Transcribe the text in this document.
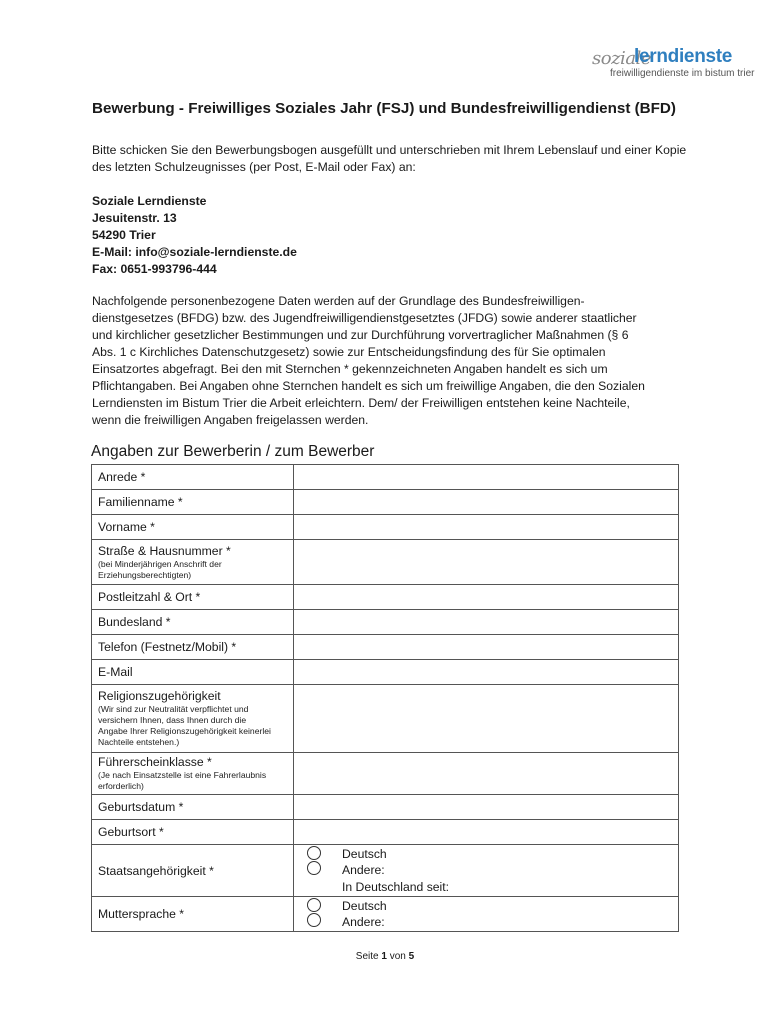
soziale
lerndienste
freiwilligendienste im bistum trier
Bewerbung - Freiwilliges Soziales Jahr (FSJ) und Bundesfreiwilligendienst (BFD)
Bitte schicken Sie den Bewerbungsbogen ausgefüllt und unterschrieben mit Ihrem Lebenslauf und einer Kopie des letzten Schulzeugnisses (per Post, E-Mail oder Fax) an:
Soziale Lerndienste
Jesuitenstr. 13
54290 Trier
E-Mail: info@soziale-lerndienste.de
Fax: 0651-993796-444
Nachfolgende personenbezogene Daten werden auf der Grundlage des Bundesfreiwilligen-
dienstgesetzes (BFDG) bzw. des Jugendfreiwilligendienstgesetztes (JFDG) sowie anderer staatlicher
und kirchlicher gesetzlicher Bestimmungen und zur Durchführung vorvertraglicher Maßnahmen (§ 6
Abs. 1 c Kirchliches Datenschutzgesetz) sowie zur Entscheidungsfindung des für Sie optimalen
Einsatzortes abgefragt. Bei den mit Sternchen * gekennzeichneten Angaben handelt es sich um
Pflichtangaben. Bei Angaben ohne Sternchen handelt es sich um freiwillige Angaben, die den Sozialen
Lerndiensten im Bistum Trier die Arbeit erleichtern. Dem/ der Freiwilligen entstehen keine Nachteile,
wenn die freiwilligen Angaben freigelassen werden.
Angaben zur Bewerberin / zum Bewerber
Anrede *	
Familienname *	
Vorname *	

Straße & Hausnummer *
(bei Minderjährigen Anschrift der Erziehungsberechtigten)	

Postleitzahl & Ort *	
Bundesland *	
Telefon (Festnetz/Mobil) *	
E-Mail	

Religionszugehörigkeit
(Wir sind zur Neutralität verpflichtet und versichern Ihnen, dass Ihnen durch die Angabe Ihrer Religionszugehörigkeit keinerlei Nachteile entstehen.)	

Führerscheinklasse *
(Je nach Einsatzstelle ist eine Fahrerlaubnis erforderlich)	

Geburtsdatum *	
Geburtsort *	
Staatsangehörigkeit *	Deutsch
Andere:
In Deutschland seit:

Muttersprache *	Deutsch
Andere:
Seite 1 von 5
